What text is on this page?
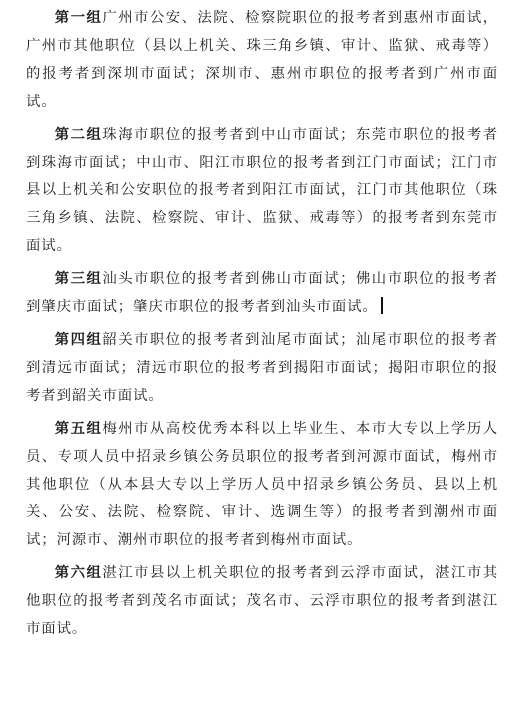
第一组广州市公安、法院、检察院职位的报考者到惠州市面试，广州市其他职位（县以上机关、珠三角乡镇、审计、监狱、戒毒等）的报考者到深圳市面试；深圳市、惠州市职位的报考者到广州市面试。

第二组珠海市职位的报考者到中山市面试；东莞市职位的报考者到珠海市面试；中山市、阳江市职位的报考者到江门市面试；江门市县以上机关和公安职位的报考者到阳江市面试，江门市其他职位（珠三角乡镇、法院、检察院、审计、监狱、戒毒等）的报考者到东莞市面试。

第三组汕头市职位的报考者到佛山市面试；佛山市职位的报考者到肇庆市面试；肇庆市职位的报考者到汕头市面试。

第四组韶关市职位的报考者到汕尾市面试；汕尾市职位的报考者到清远市面试；清远市职位的报考者到揭阳市面试；揭阳市职位的报考者到韶关市面试。

第五组梅州市从高校优秀本科以上毕业生、本市大专以上学历人员、专项人员中招录乡镇公务员职位的报考者到河源市面试，梅州市其他职位（从本县大专以上学历人员中招录乡镇公务员、县以上机关、公安、法院、检察院、审计、选调生等）的报考者到潮州市面试；河源市、潮州市职位的报考者到梅州市面试。

第六组湛江市县以上机关职位的报考者到云浮市面试，湛江市其他职位的报考者到茂名市面试；茂名市、云浮市职位的报考者到湛江市面试。
